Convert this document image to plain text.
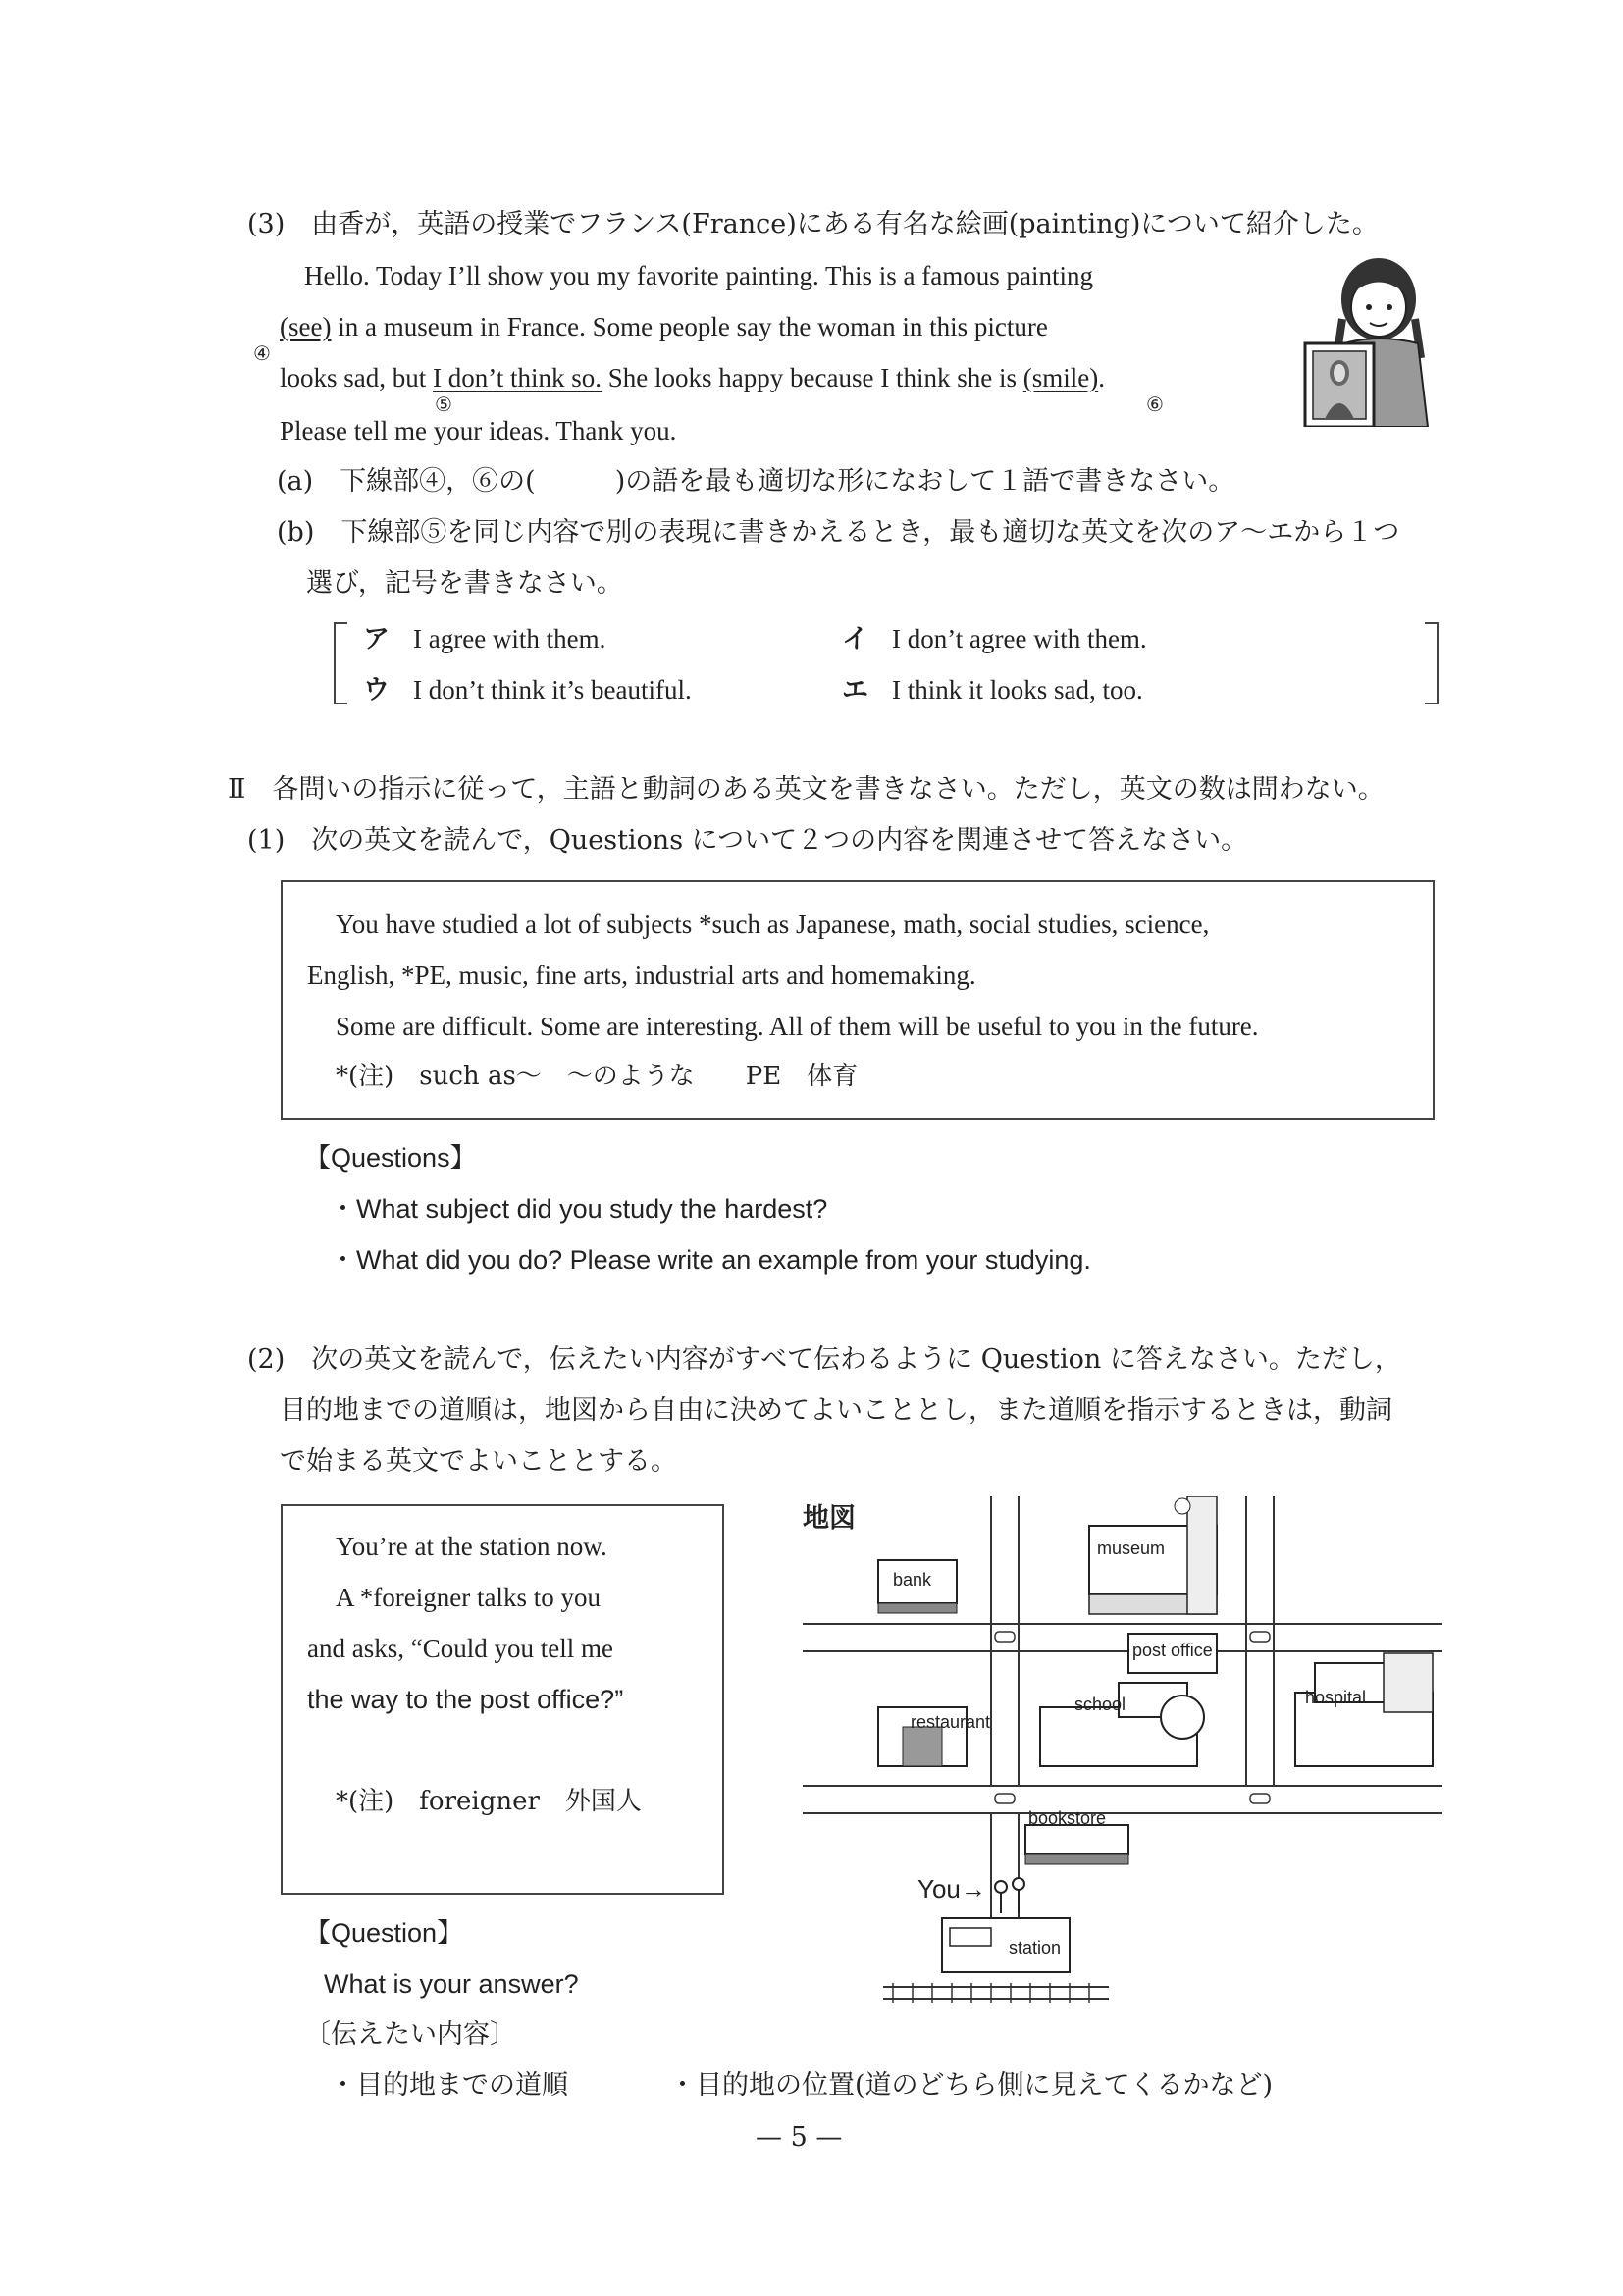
(3)　由香が，英語の授業でフランス(France)にある有名な絵画(painting)について紹介した。
Hello. Today I’ll show you my favorite painting. This is a famous painting
(see) in a museum in France. Some people say the woman in this picture
④
looks sad, but I don’t think so. She looks happy because I think she is (smile).
⑤	⑥
Please tell me your ideas. Thank you.
(a)　下線部④，⑥の(　　　)の語を最も適切な形になおして１語で書きなさい。
(b)　下線部⑤を同じ内容で別の表現に書きかえるとき，最も適切な英文を次のア～エから１つ
選び，記号を書きなさい。
ア I agree with them.	イ I don’t agree with them.
ウ I don’t think it’s beautiful.	エ I think it looks sad, too.
Ⅱ　各問いの指示に従って，主語と動詞のある英文を書きなさい。ただし，英文の数は問わない。
(1)　次の英文を読んで，Questions について２つの内容を関連させて答えなさい。
You have studied a lot of subjects *such as Japanese, math, social studies, science,
English, *PE, music, fine arts, industrial arts and homemaking.
Some are difficult. Some are interesting. All of them will be useful to you in the future.
*(注)　such as～　～のような　　PE　体育
【Questions】
・What subject did you study the hardest?
・What did you do? Please write an example from your studying.
(2)　次の英文を読んで，伝えたい内容がすべて伝わるように Question に答えなさい。ただし，
目的地までの道順は，地図から自由に決めてよいこととし，また道順を指示するときは，動詞
で始まる英文でよいこととする。
You’re at the station now.
A *foreigner talks to you
and asks, “Could you tell me
the way to the post office?”
*(注)　foreigner　外国人
【Question】
What is your answer?
〔伝えたい内容〕
・目的地までの道順	・目的地の位置(道のどちら側に見えてくるかなど)
地図
bank
museum
post office
school	hospital
restaurant
bookstore
You→
station
— 5 —
